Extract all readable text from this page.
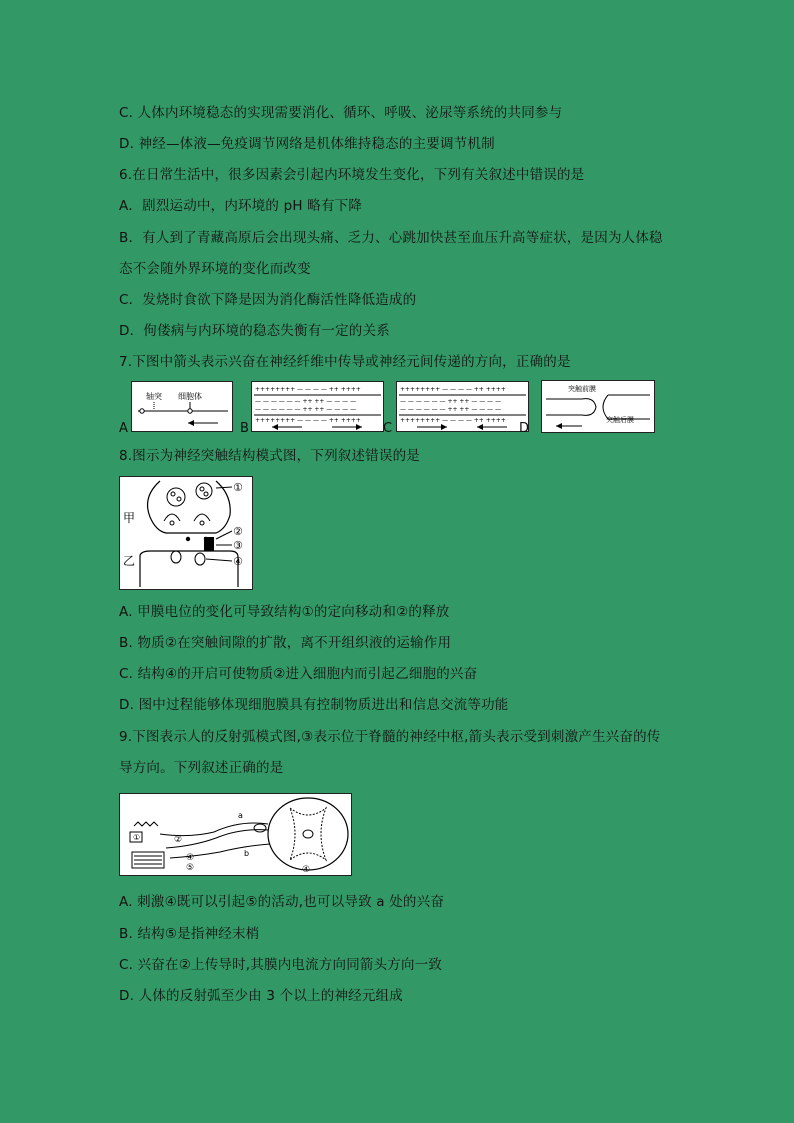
C. 人体内环境稳态的实现需要消化、循环、呼吸、泌尿等系统的共同参与
D. 神经—体液—免疫调节网络是机体维持稳态的主要调节机制
6.在日常生活中，很多因素会引起内环境发生变化，下列有关叙述中错误的是
A．剧烈运动中，内环境的 pH 略有下降
B．有人到了青藏高原后会出现头痛、乏力、心跳加快甚至血压升高等症状，是因为人体稳
态不会随外界环境的变化而改变
C．发烧时食欲下降是因为消化酶活性降低造成的
D．佝偻病与内环境的稳态失衡有一定的关系
7.下图中箭头表示兴奋在神经纤维中传导或神经元间传递的方向，正确的是
A
轴突 细胞体
B
++++++++ — — — — ++ ++++
— — — — — — ++ ++ — — — —
— — — — — — ++ ++ — — — —
++++++++ — — — — ++ ++++
C
++++++++ — — — — ++ ++++
— — — — — — ++ ++ — — — —
— — — — — — ++ ++ — — — —
++++++++ — — — — ++ ++++
D
突触前膜
突触后膜
8.图示为神经突触结构模式图，下列叙述错误的是
甲
乙
①
②
③
④
A. 甲膜电位的变化可导致结构①的定向移动和②的释放
B. 物质②在突触间隙的扩散，离不开组织液的运输作用
C. 结构④的开启可使物质②进入细胞内而引起乙细胞的兴奋
D. 图中过程能够体现细胞膜具有控制物质进出和信息交流等功能
9.下图表示人的反射弧模式图,③表示位于脊髓的神经中枢,箭头表示受到刺激产生兴奋的传
导方向。下列叙述正确的是
①	②
④
⑤
a
b
④
A. 刺激④既可以引起⑤的活动,也可以导致 a 处的兴奋
B. 结构⑤是指神经末梢
C. 兴奋在②上传导时,其膜内电流方向同箭头方向一致
D. 人体的反射弧至少由 3 个以上的神经元组成
